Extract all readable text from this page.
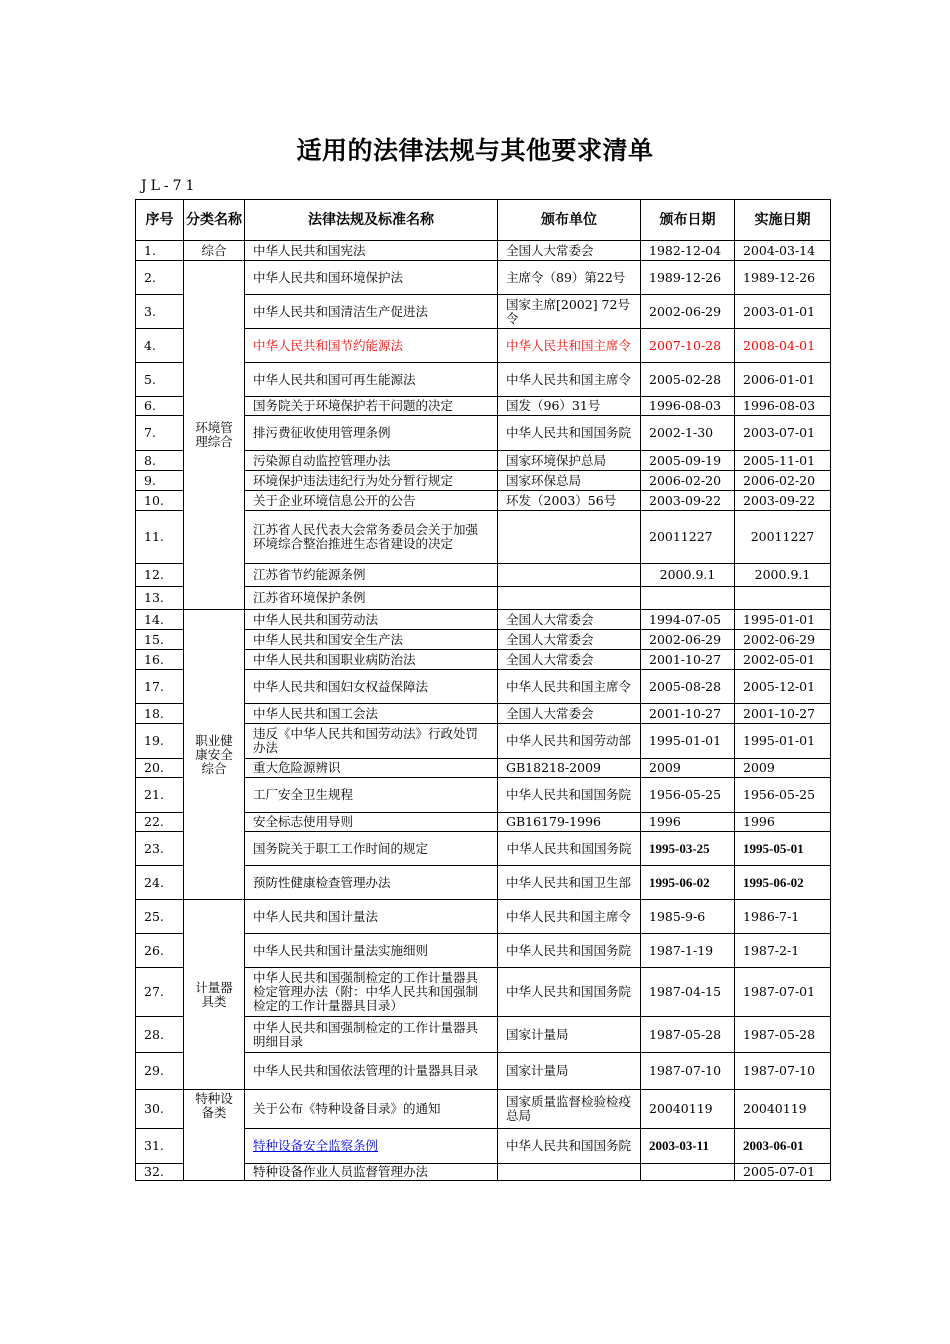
适用的法律法规与其他要求清单
JL-71
序号	分类名称	法律法规及标准名称	颁布单位	颁布日期	实施日期
1.	综合	中华人民共和国宪法	全国人大常委会	1982-12-04	2004-03-14
2.	环境管理综合	中华人民共和国环境保护法	主席令（89）第22号	1989-12-26	1989-12-26
3.		中华人民共和国清洁生产促进法	国家主席[2002] 72号令	2002-06-29	2003-01-01
4.		中华人民共和国节约能源法	中华人民共和国主席令	2007-10-28	2008-04-01
5.		中华人民共和国可再生能源法	中华人民共和国主席令	2005-02-28	2006-01-01
6.		国务院关于环境保护若干问题的决定	国发（96）31号	1996-08-03	1996-08-03
7.		排污费征收使用管理条例	中华人民共和国国务院	2002-1-30	2003-07-01
8.		污染源自动监控管理办法	国家环境保护总局	2005-09-19	2005-11-01
9.		环境保护违法违纪行为处分暂行规定	国家环保总局	2006-02-20	2006-02-20
10.		关于企业环境信息公开的公告	环发（2003）56号	2003-09-22	2003-09-22
11.		江苏省人民代表大会常务委员会关于加强环境综合整治推进生态省建设的决定		20011227	20011227
12.		江苏省节约能源条例		2000.9.1	2000.9.1
13.		江苏省环境保护条例			
14.	职业健康安全综合	中华人民共和国劳动法	全国人大常委会	1994-07-05	1995-01-01
15.		中华人民共和国安全生产法	全国人大常委会	2002-06-29	2002-06-29
16.		中华人民共和国职业病防治法	全国人大常委会	2001-10-27	2002-05-01
17.		中华人民共和国妇女权益保障法	中华人民共和国主席令	2005-08-28	2005-12-01
18.		中华人民共和国工会法	全国人大常委会	2001-10-27	2001-10-27
19.		违反《中华人民共和国劳动法》行政处罚办法	中华人民共和国劳动部	1995-01-01	1995-01-01
20.		重大危险源辨识	GB18218-2009	2009	2009
21.		工厂安全卫生规程	中华人民共和国国务院	1956-05-25	1956-05-25
22.		安全标志使用导则	GB16179-1996	1996	1996
23.		国务院关于职工工作时间的规定	中华人民共和国国务院	1995-03-25	1995-05-01
24.		预防性健康检查管理办法	中华人民共和国卫生部	1995-06-02	1995-06-02
25.	计量器具类	中华人民共和国计量法	中华人民共和国主席令	1985-9-6	1986-7-1
26.		中华人民共和国计量法实施细则	中华人民共和国国务院	1987-1-19	1987-2-1
27.		中华人民共和国强制检定的工作计量器具检定管理办法（附：中华人民共和国强制检定的工作计量器具目录）	中华人民共和国国务院	1987-04-15	1987-07-01
28.		中华人民共和国强制检定的工作计量器具明细目录	国家计量局	1987-05-28	1987-05-28
29.		中华人民共和国依法管理的计量器具目录	国家计量局	1987-07-10	1987-07-10
30.	特种设备类	关于公布《特种设备目录》的通知	国家质量监督检验检疫总局	20040119	20040119
31.		特种设备安全监察条例	中华人民共和国国务院	2003-03-11	2003-06-01
32.		特种设备作业人员监督管理办法			2005-07-01
